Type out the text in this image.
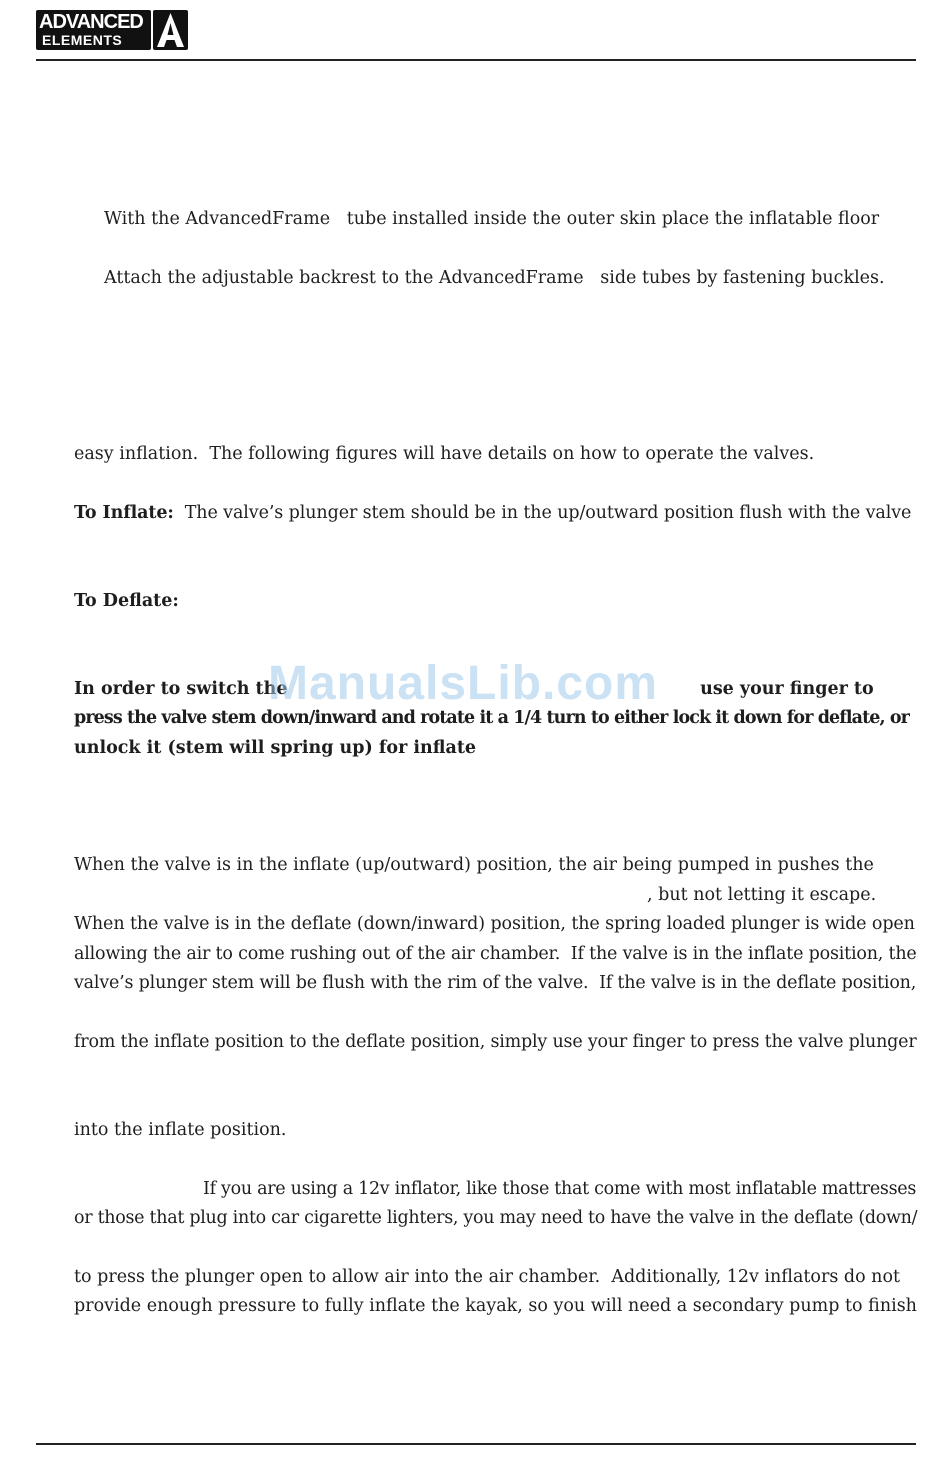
ADVANCED
ELEMENTS
With the AdvancedFrame   tube installed inside the outer skin place the inflatable floor
Attach the adjustable backrest to the AdvancedFrame   side tubes by fastening buckles.
easy inflation.  The following figures will have details on how to operate the valves.
To Inflate:  The valve’s plunger stem should be in the up/outward position flush with the valve
To Deflate:
In order to switch the	use your finger to
press the valve stem down/inward and rotate it a 1/4 turn to either lock it down for deflate, or
unlock it (stem will spring up) for inflate
ManualsLib.com
When the valve is in the inflate (up/outward) position, the air being pumped in pushes the
, but not letting it escape.
When the valve is in the deflate (down/inward) position, the spring loaded plunger is wide open
allowing the air to come rushing out of the air chamber.  If the valve is in the inflate position, the
valve’s plunger stem will be flush with the rim of the valve.  If the valve is in the deflate position,
from the inflate position to the deflate position, simply use your finger to press the valve plunger
into the inflate position.
If you are using a 12v inflator, like those that come with most inflatable mattresses
or those that plug into car cigarette lighters, you may need to have the valve in the deflate (down/
to press the plunger open to allow air into the air chamber.  Additionally, 12v inflators do not
provide enough pressure to fully inflate the kayak, so you will need a secondary pump to finish
